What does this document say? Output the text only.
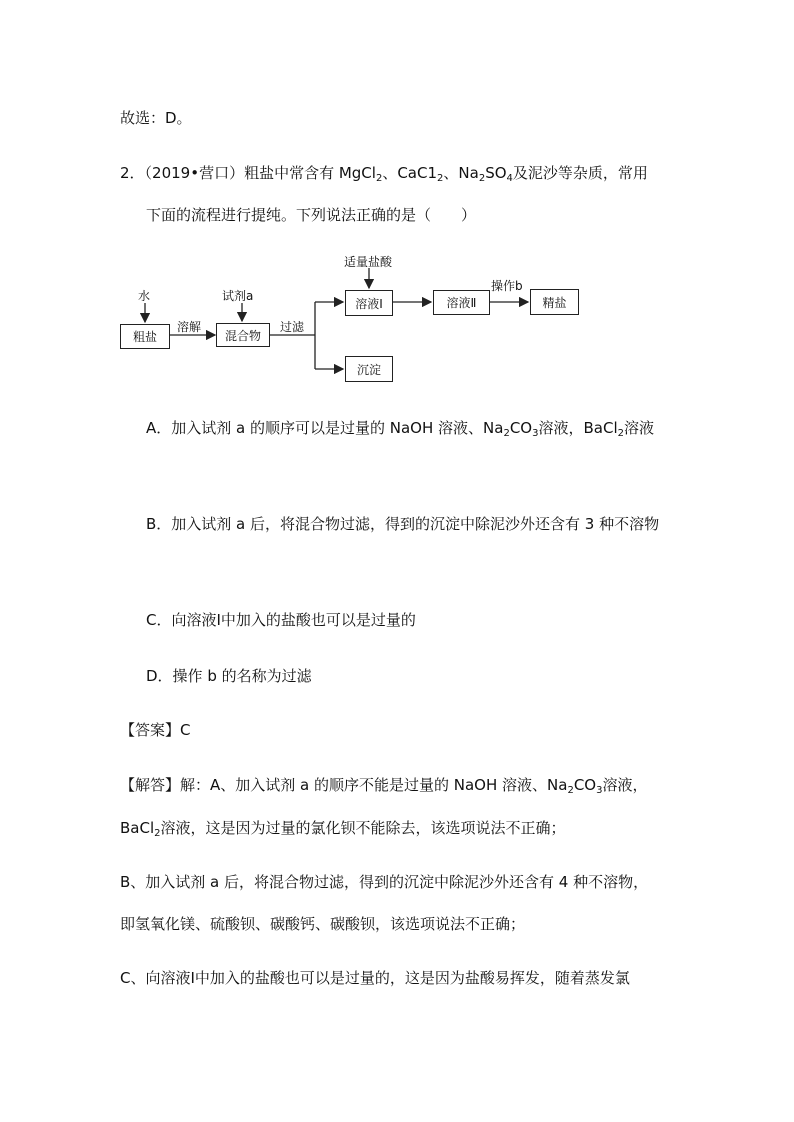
故选：D。
2．（2019•营口）粗盐中常含有 MgCl$_2$、$CaC1_2$、$Na_2SO_4$及泥沙等杂质，常用
下面的流程进行提纯。下列说法正确的是（　　）
水
粗盐
溶解
试剂a
混合物
过滤
适量盐酸
溶液Ⅰ	溶液Ⅱ
操作b
精盐
沉淀
A．加入试剂 a 的顺序可以是过量的 NaOH 溶液、$Na_2CO_3$溶液，BaCl$_2$溶液
B．加入试剂 a 后，将混合物过滤，得到的沉淀中除泥沙外还含有 3 种不溶物
C．向溶液Ⅰ中加入的盐酸也可以是过量的
D．操作 b 的名称为过滤
【答案】C
【解答】解：A、加入试剂 a 的顺序不能是过量的 NaOH 溶液、$Na_2CO_3$溶液，
BaCl$_2$溶液，这是因为过量的氯化钡不能除去，该选项说法不正确；
B、加入试剂 a 后，将混合物过滤，得到的沉淀中除泥沙外还含有 4 种不溶物，
即氢氧化镁、硫酸钡、碳酸钙、碳酸钡，该选项说法不正确；
C、向溶液Ⅰ中加入的盐酸也可以是过量的，这是因为盐酸易挥发，随着蒸发氯
